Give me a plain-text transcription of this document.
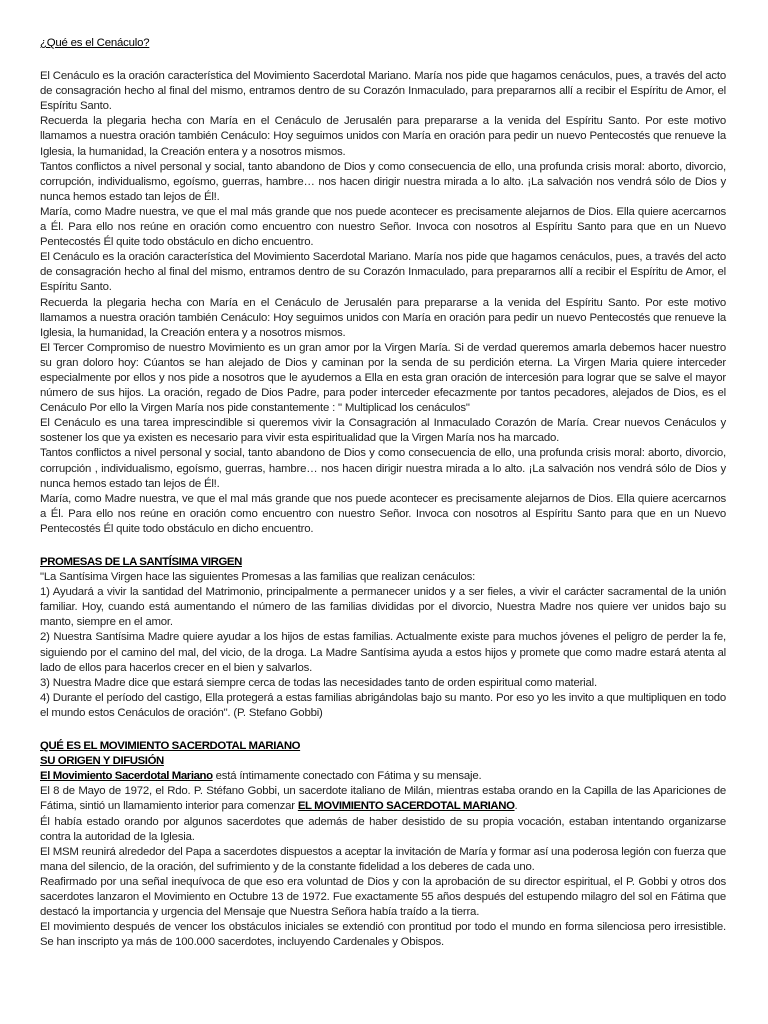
¿Qué es el Cenáculo?

El Cenáculo es la oración característica del Movimiento Sacerdotal Mariano. María nos pide que hagamos cenáculos, pues, a través del acto de consagración hecho al final del mismo, entramos dentro de su Corazón Inmaculado, para prepararnos allí a recibir el Espíritu de Amor, el Espíritu Santo.

Recuerda la plegaria hecha con María en el Cenáculo de Jerusalén para prepararse a la venida del Espíritu Santo. Por este motivo llamamos a nuestra oración también Cenáculo: Hoy seguimos unidos con María en oración para pedir un nuevo Pentecostés que renueve la Iglesia, la humanidad, la Creación entera y a nosotros mismos.

Tantos conflictos a nivel personal y social, tanto abandono de Dios y como consecuencia de ello, una profunda crisis moral: aborto, divorcio, corrupción, individualismo, egoísmo, guerras, hambre… nos hacen dirigir nuestra mirada a lo alto. ¡La salvación nos vendrá sólo de Dios y nunca hemos estado tan lejos de Él!.

María, como Madre nuestra, ve que el mal más grande que nos puede acontecer es precisamente alejarnos de Dios. Ella quiere acercarnos a Él. Para ello nos reúne en oración como encuentro con nuestro Señor. Invoca con nosotros al Espíritu Santo para que en un Nuevo Pentecostés Él quite todo obstáculo en dicho encuentro.

El Cenáculo es la oración característica del Movimiento Sacerdotal Mariano. María nos pide que hagamos cenáculos, pues, a través del acto de consagración hecho al final del mismo, entramos dentro de su Corazón Inmaculado, para prepararnos allí a recibir el Espíritu de Amor, el Espíritu Santo.

Recuerda la plegaria hecha con María en el Cenáculo de Jerusalén para prepararse a la venida del Espíritu Santo. Por este motivo llamamos a nuestra oración también Cenáculo: Hoy seguimos unidos con María en oración para pedir un nuevo Pentecostés que renueve la Iglesia, la humanidad, la Creación entera y a nosotros mismos.

El Tercer Compromiso de nuestro Movimiento es un gran amor por la Virgen María. Si de verdad queremos amarla debemos hacer nuestro su gran doloro hoy: Cúantos se han alejado de Dios y caminan por la senda de su perdición eterna. La Virgen Maria quiere interceder especialmente por ellos y nos pide a nosotros que le ayudemos a Ella en esta gran oración de intercesión para lograr que se salve el mayor número de sus hijos. La oración, regado de Dios Padre, para poder interceder efecazmente por tantos pecadores, alejados de Dios, es el Cenáculo Por ello la Virgen María nos pide constantemente : " Multiplicad los cenáculos"

El Cenáculo es una tarea imprescindible si queremos vivir la Consagración al Inmaculado Corazón de María. Crear nuevos Cenáculos y sostener los que ya existen es necesario para vivir esta espiritualidad que la Virgen María nos ha marcado.

Tantos conflictos a nivel personal y social, tanto abandono de Dios y como consecuencia de ello, una profunda crisis moral: aborto, divorcio, corrupción , individualismo, egoísmo, guerras, hambre… nos hacen dirigir nuestra mirada a lo alto. ¡La salvación nos vendrá sólo de Dios y nunca hemos estado tan lejos de Él!.

María, como Madre nuestra, ve que el mal más grande que nos puede acontecer es precisamente alejarnos de Dios. Ella quiere acercarnos a Él. Para ello nos reúne en oración como encuentro con nuestro Señor. Invoca con nosotros al Espíritu Santo para que en un Nuevo Pentecostés Él quite todo obstáculo en dicho encuentro.

PROMESAS DE LA SANTÍSIMA VIRGEN

"La Santísima Virgen hace las siguientes Promesas a las familias que realizan cenáculos:

1) Ayudará a vivir la santidad del Matrimonio, principalmente a permanecer unidos y a ser fieles, a vivir el carácter sacramental de la unión familiar. Hoy, cuando está aumentando el número de las familias divididas por el divorcio, Nuestra Madre nos quiere ver unidos bajo su manto, siempre en el amor.

2) Nuestra Santísima Madre quiere ayudar a los hijos de estas familias. Actualmente existe para muchos jóvenes el peligro de perder la fe, siguiendo por el camino del mal, del vicio, de la droga. La Madre Santísima ayuda a estos hijos y promete que como madre estará atenta al lado de ellos para hacerlos crecer en el bien y salvarlos.

3) Nuestra Madre dice que estará siempre cerca de todas las necesidades tanto de orden espiritual como material.

4) Durante el período del castigo, Ella protegerá a estas familias abrigándolas bajo su manto. Por eso yo les invito a que multipliquen en todo el mundo estos Cenáculos de oración". (P. Stefano Gobbi)

QUÉ ES EL MOVIMIENTO SACERDOTAL MARIANO
SU ORIGEN Y DIFUSIÓN

El Movimiento Sacerdotal Mariano está íntimamente conectado con Fátima y su mensaje.

El 8 de Mayo de 1972, el Rdo. P. Stéfano Gobbi, un sacerdote italiano de Milán, mientras estaba orando en la Capilla de las Apariciones de Fátima, sintió un llamamiento interior para comenzar EL MOVIMIENTO SACERDOTAL MARIANO.

Él había estado orando por algunos sacerdotes que además de haber desistido de su propia vocación, estaban intentando organizarse contra la autoridad de la Iglesia.

El MSM reunirá alrededor del Papa a sacerdotes dispuestos a aceptar la invitación de María y formar así una poderosa legión con fuerza que mana del silencio, de la oración, del sufrimiento y de la constante fidelidad a los deberes de cada uno.

Reafirmado por una señal inequívoca de que eso era voluntad de Dios y con la aprobación de su director espiritual, el P. Gobbi y otros dos sacerdotes lanzaron el Movimiento en Octubre 13 de 1972. Fue exactamente 55 años después del estupendo milagro del sol en Fátima que destacó la importancia y urgencia del Mensaje que Nuestra Señora había traído a la tierra.

El movimiento después de vencer los obstáculos iniciales se extendió con prontitud por todo el mundo en forma silenciosa pero irresistible. Se han inscripto ya más de 100.000 sacerdotes, incluyendo Cardenales y Obispos.
